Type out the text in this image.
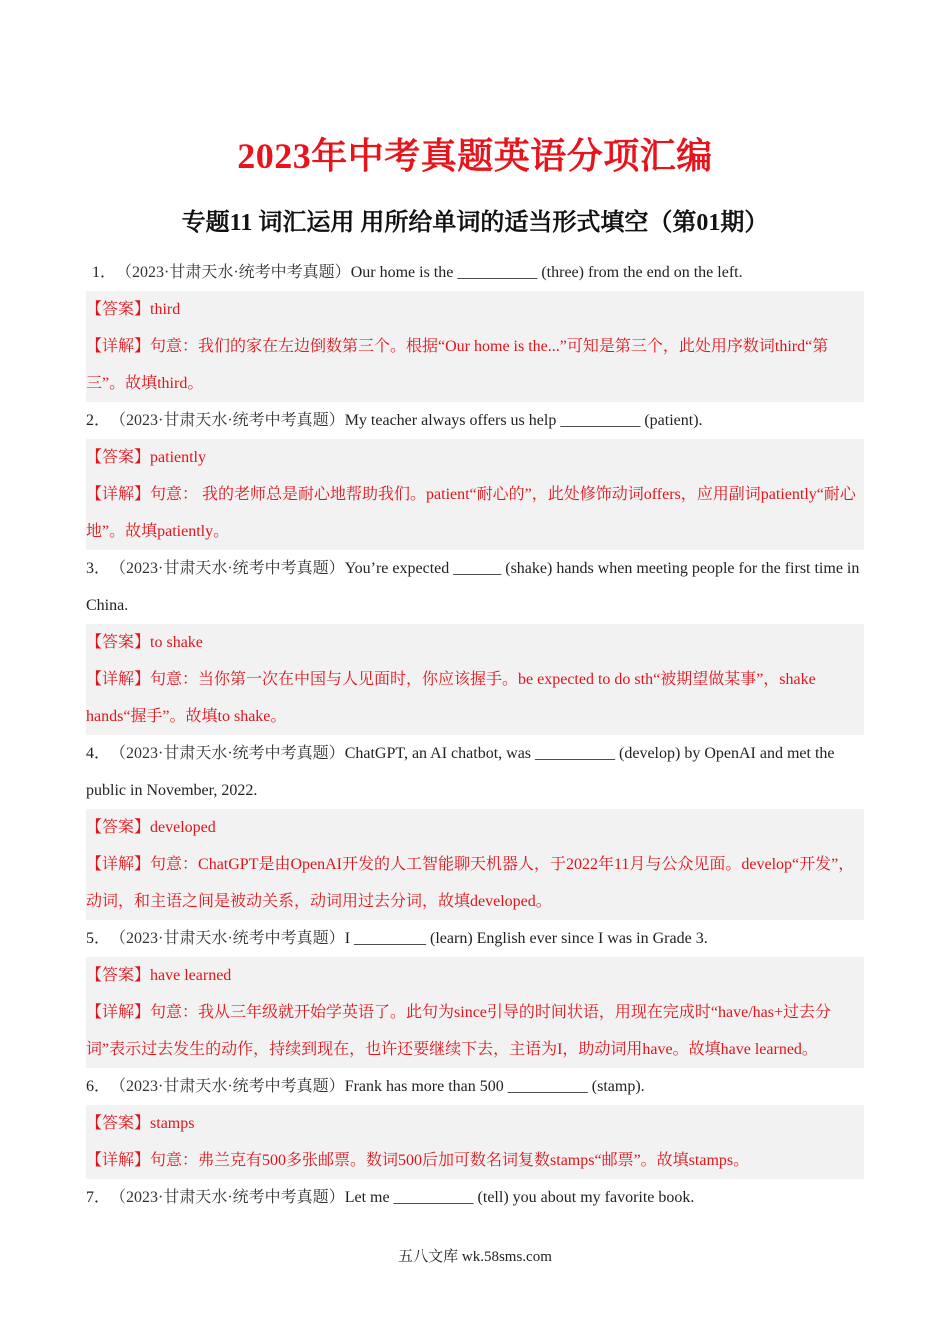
2023年中考真题英语分项汇编
专题11 词汇运用 用所给单词的适当形式填空（第01期）
1．（2023·甘肃天水·统考中考真题）Our home is the __________ (three) from the end on the left.
【答案】third
【详解】句意：我们的家在左边倒数第三个。根据“Our home is the...”可知是第三个，此处用序数词third“第三”。故填third。
2．（2023·甘肃天水·统考中考真题）My teacher always offers us help __________ (patient).
【答案】patiently
【详解】句意： 我的老师总是耐心地帮助我们。patient“耐心的”，此处修饰动词offers，应用副词patiently“耐心地”。故填patiently。
3．（2023·甘肃天水·统考中考真题）You’re expected ______ (shake) hands when meeting people for the first time in China.
【答案】to shake
【详解】句意：当你第一次在中国与人见面时，你应该握手。be expected to do sth“被期望做某事”，shake hands“握手”。故填to shake。
4．（2023·甘肃天水·统考中考真题）ChatGPT, an AI chatbot, was __________ (develop) by OpenAI and met the public in November, 2022.
【答案】developed
【详解】句意：ChatGPT是由OpenAI开发的人工智能聊天机器人，于2022年11月与公众见面。develop“开发”，动词，和主语之间是被动关系，动词用过去分词，故填developed。
5．（2023·甘肃天水·统考中考真题）I _________ (learn) English ever since I was in Grade 3.
【答案】have learned
【详解】句意：我从三年级就开始学英语了。此句为since引导的时间状语，用现在完成时“have/has+过去分词”表示过去发生的动作，持续到现在，也许还要继续下去，主语为I，助动词用have。故填have learned。
6．（2023·甘肃天水·统考中考真题）Frank has more than 500 __________ (stamp).
【答案】stamps
【详解】句意：弗兰克有500多张邮票。数词500后加可数名词复数stamps“邮票”。故填stamps。
7．（2023·甘肃天水·统考中考真题）Let me __________ (tell) you about my favorite book.
五八文库 wk.58sms.com
